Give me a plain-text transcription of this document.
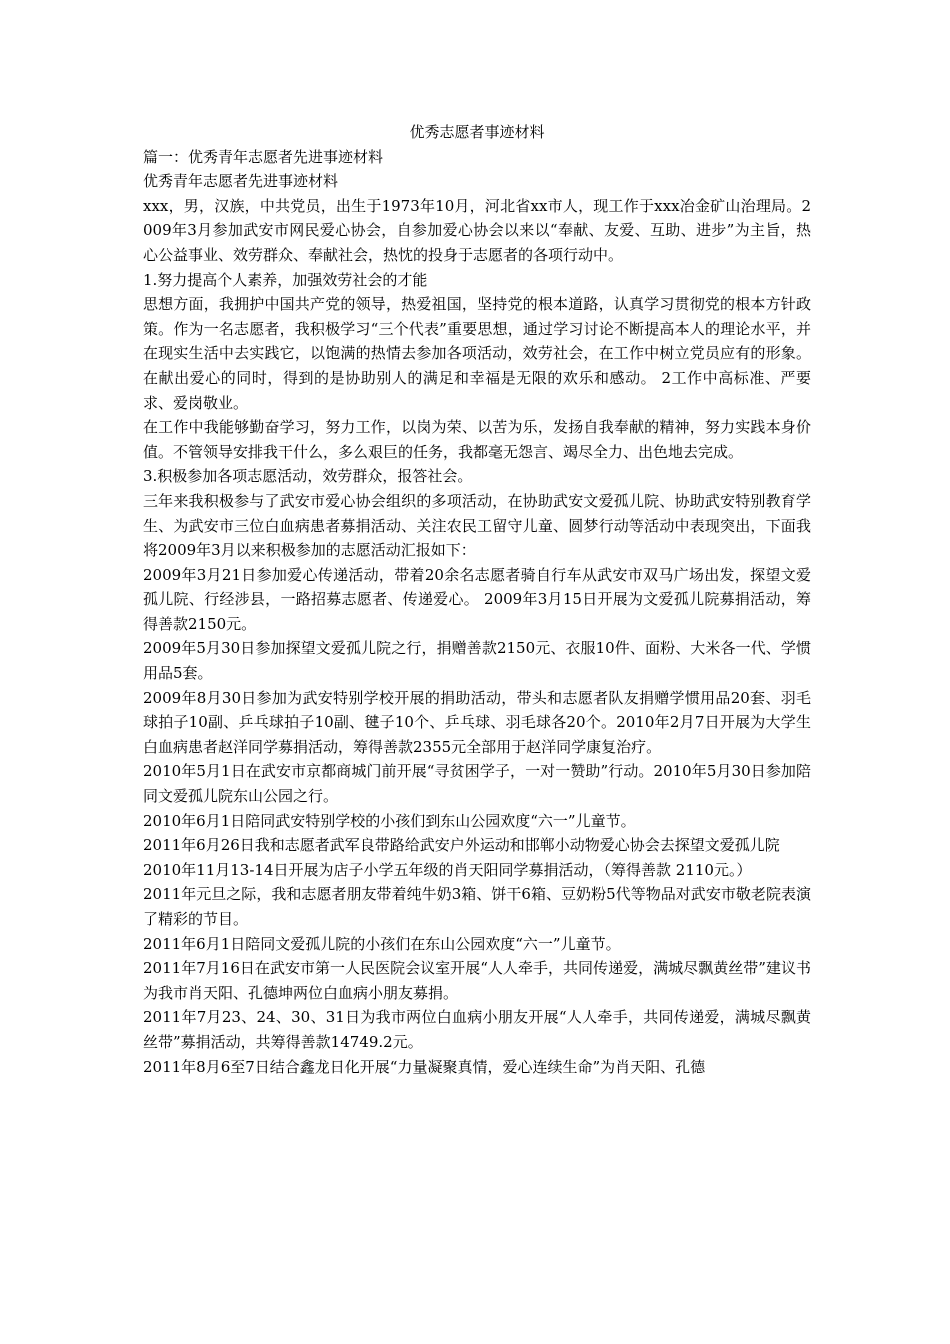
优秀志愿者事迹材料

篇一：优秀青年志愿者先进事迹材料

优秀青年志愿者先进事迹材料

xxx，男，汉族，中共党员，出生于1973年10月，河北省xx市人，现工作于xxx冶金矿山治理局。2009年3月参加武安市网民爱心协会，自参加爱心协会以来以“奉献、友爱、互助、进步”为主旨，热心公益事业、效劳群众、奉献社会，热忱的投身于志愿者的各项行动中。

1.努力提高个人素养，加强效劳社会的才能

思想方面，我拥护中国共产党的领导，热爱祖国，坚持党的根本道路，认真学习贯彻党的根本方针政策。作为一名志愿者，我积极学习“三个代表”重要思想，通过学习讨论不断提高本人的理论水平，并在现实生活中去实践它，以饱满的热情去参加各项活动，效劳社会，在工作中树立党员应有的形象。在献出爱心的同时，得到的是协助别人的满足和幸福是无限的欢乐和感动。 2工作中高标准、严要求、爱岗敬业。

在工作中我能够勤奋学习，努力工作，以岗为荣、以苦为乐，发扬自我奉献的精神，努力实践本身价值。不管领导安排我干什么，多么艰巨的任务，我都毫无怨言、竭尽全力、出色地去完成。

3.积极参加各项志愿活动，效劳群众，报答社会。

三年来我积极参与了武安市爱心协会组织的多项活动，在协助武安文爱孤儿院、协助武安特别教育学生、为武安市三位白血病患者募捐活动、关注农民工留守儿童、圆梦行动等活动中表现突出，下面我将2009年3月以来积极参加的志愿活动汇报如下：

2009年3月21日参加爱心传递活动，带着20余名志愿者骑自行车从武安市双马广场出发，探望文爱孤儿院、行经涉县，一路招募志愿者、传递爱心。 2009年3月15日开展为文爱孤儿院募捐活动，筹得善款2150元。

2009年5月30日参加探望文爱孤儿院之行，捐赠善款2150元、衣服10件、面粉、大米各一代、学惯用品5套。

2009年8月30日参加为武安特别学校开展的捐助活动，带头和志愿者队友捐赠学惯用品20套、羽毛球拍子10副、乒乓球拍子10副、毽子10个、乒乓球、羽毛球各20个。2010年2月7日开展为大学生白血病患者赵洋同学募捐活动，筹得善款2355元全部用于赵洋同学康复治疗。

2010年5月1日在武安市京都商城门前开展“寻贫困学子，一对一赞助”行动。2010年5月30日参加陪同文爱孤儿院东山公园之行。

2010年6月1日陪同武安特别学校的小孩们到东山公园欢度“六一”儿童节。

2011年6月26日我和志愿者武军良带路给武安户外运动和邯郸小动物爱心协会去探望文爱孤儿院

2010年11月13-14日开展为店子小学五年级的肖天阳同学募捐活动，（筹得善款 2110元。）

2011年元旦之际，我和志愿者朋友带着纯牛奶3箱、饼干6箱、豆奶粉5代等物品对武安市敬老院表演了精彩的节目。

2011年6月1日陪同文爱孤儿院的小孩们在东山公园欢度“六一”儿童节。

2011年7月16日在武安市第一人民医院会议室开展“人人牵手，共同传递爱，满城尽飘黄丝带”建议书为我市肖天阳、孔德坤两位白血病小朋友募捐。

2011年7月23、24、30、31日为我市两位白血病小朋友开展“人人牵手，共同传递爱，满城尽飘黄丝带”募捐活动，共筹得善款14749.2元。

2011年8月6至7日结合鑫龙日化开展“力量凝聚真情，爱心连续生命”为肖天阳、孔德
